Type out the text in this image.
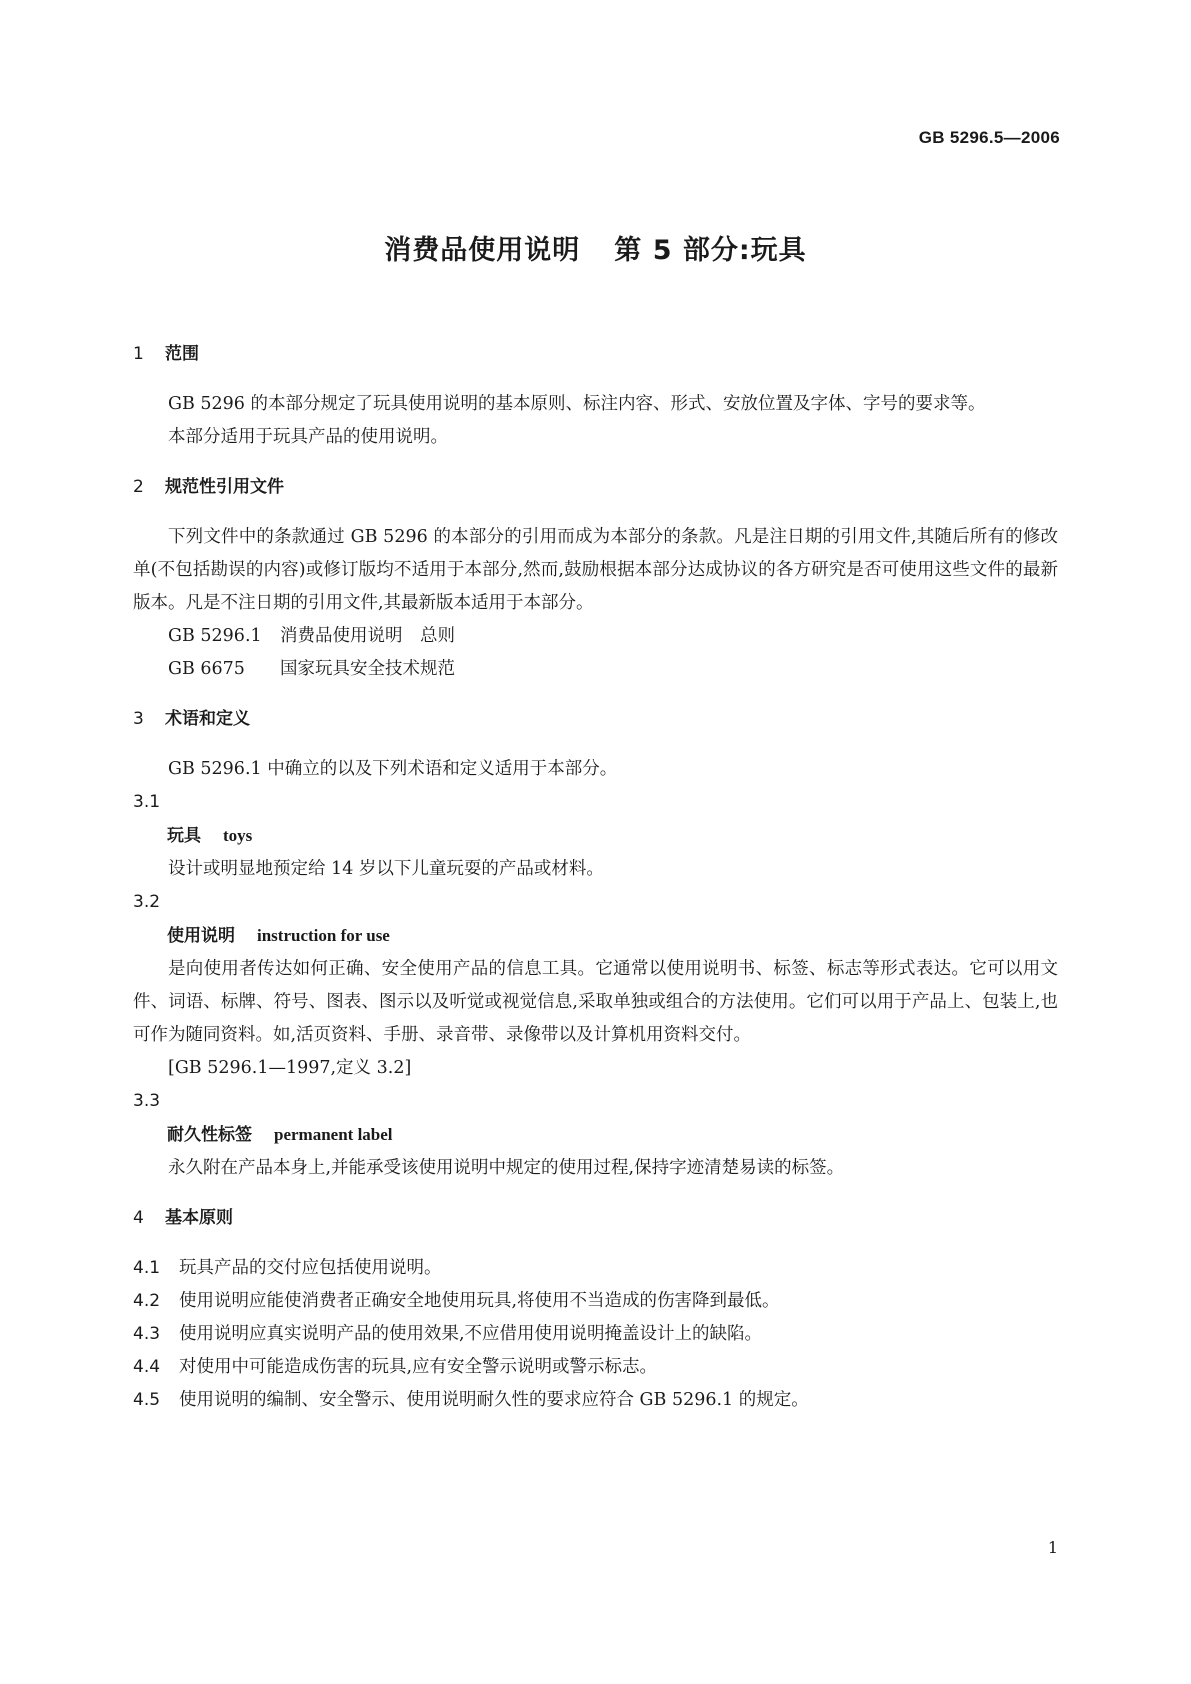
GB 5296.5—2006
消费品使用说明 第 5 部分:玩具

1 范围

GB 5296 的本部分规定了玩具使用说明的基本原则、标注内容、形式、安放位置及字体、字号的要求等。

本部分适用于玩具产品的使用说明。

2 规范性引用文件

下列文件中的条款通过 GB 5296 的本部分的引用而成为本部分的条款。凡是注日期的引用文件,其随后所有的修改单(不包括勘误的内容)或修订版均不适用于本部分,然而,鼓励根据本部分达成协议的各方研究是否可使用这些文件的最新版本。凡是不注日期的引用文件,其最新版本适用于本部分。

GB 5296.1 消费品使用说明　总则

GB 6675 国家玩具安全技术规范

3 术语和定义

GB 5296.1 中确立的以及下列术语和定义适用于本部分。

3.1

玩具 toys

设计或明显地预定给 14 岁以下儿童玩耍的产品或材料。

3.2

使用说明 instruction for use

是向使用者传达如何正确、安全使用产品的信息工具。它通常以使用说明书、标签、标志等形式表达。它可以用文件、词语、标牌、符号、图表、图示以及听觉或视觉信息,采取单独或组合的方法使用。它们可以用于产品上、包装上,也可作为随同资料。如,活页资料、手册、录音带、录像带以及计算机用资料交付。

[GB 5296.1—1997,定义 3.2]

3.3

耐久性标签 permanent label

永久附在产品本身上,并能承受该使用说明中规定的使用过程,保持字迹清楚易读的标签。

4 基本原则

4.1 玩具产品的交付应包括使用说明。

4.2 使用说明应能使消费者正确安全地使用玩具,将使用不当造成的伤害降到最低。

4.3 使用说明应真实说明产品的使用效果,不应借用使用说明掩盖设计上的缺陷。

4.4 对使用中可能造成伤害的玩具,应有安全警示说明或警示标志。

4.5 使用说明的编制、安全警示、使用说明耐久性的要求应符合 GB 5296.1 的规定。

1
